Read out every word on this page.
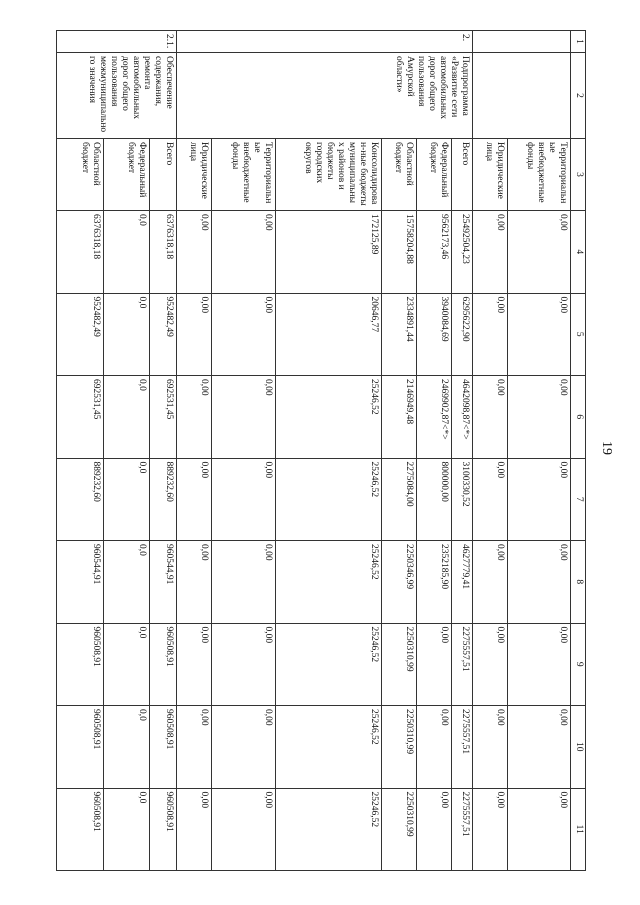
19
1	2	3	4	5	6	7	8	9	10	11
		Территориальные внебюджетные фонды	0,00	0,00	0,00	0,00	0,00	0,00	0,00	0,00
		Юридические лица	0,00	0,00	0,00	0,00	0,00	0,00	0,00	0,00
2.	Подпрограмма «Развитие сети автомобильных дорог общего пользования Амурской области»	Всего	25492504,23	6295622,90	4642098,87<*>	3100330,52	4627779,41	2275557,51	2275557,51	2275557,51
		Федеральный бюджет	9562173,46	3940084,69	2469902,87<*>	800000,00	2352185,90	0,00	0,00	0,00
		Областной бюджет	15758204,88	2334891,44	2146949,48	2275084,00	2250346,99	2250310,99	2250310,99	2250310,99
		Консолидирован-ные бюджеты муниципальных районов и бюджеты городских округов	172125,89	20646,77	25246,52	25246,52	25246,52	25246,52	25246,52	25246,52
		Территориальные внебюджетные фонды	0,00	0,00	0,00	0,00	0,00	0,00	0,00	0,00
		Юридические лица	0,00	0,00	0,00	0,00	0,00	0,00	0,00	0,00
2.1.	Обеспечение содержания, ремонта автомобильных дорог общего пользования межмуниципального значения	Всего	6376318,18	952482,49	692531,45	889232,60	960544,91	960508,91	960508,91	960508,91
		Федеральный бюджет	0,0	0,0	0,0	0,0	0,0	0,0	0,0	0,0
		Областной бюджет	6376318,18	952482,49	692531,45	889232,60	960544,91	960508,91	960508,91	960508,91
